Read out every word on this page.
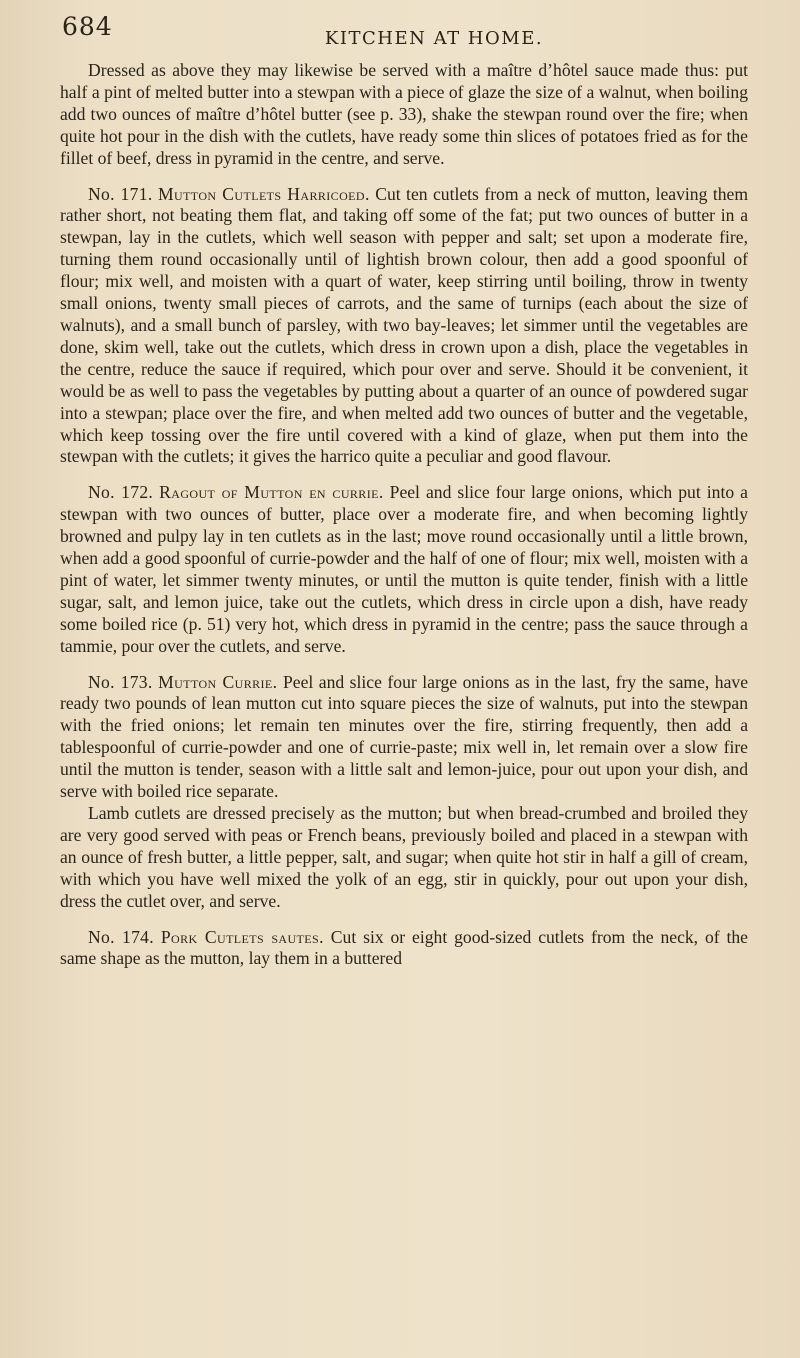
684	KITCHEN AT HOME.

Dressed as above they may likewise be served with a maître d’hôtel sauce made thus: put half a pint of melted butter into a stewpan with a piece of glaze the size of a walnut, when boiling add two ounces of maître d’hôtel butter (see p. 33), shake the stewpan round over the fire; when quite hot pour in the dish with the cutlets, have ready some thin slices of potatoes fried as for the fillet of beef, dress in pyramid in the centre, and serve.

No. 171. Mutton Cutlets Harricoed. Cut ten cutlets from a neck of mutton, leaving them rather short, not beating them flat, and taking off some of the fat; put two ounces of butter in a stewpan, lay in the cutlets, which well season with pepper and salt; set upon a moderate fire, turning them round occasionally until of lightish brown colour, then add a good spoonful of flour; mix well, and moisten with a quart of water, keep stirring until boiling, throw in twenty small onions, twenty small pieces of carrots, and the same of turnips (each about the size of walnuts), and a small bunch of parsley, with two bay-leaves; let simmer until the vegetables are done, skim well, take out the cutlets, which dress in crown upon a dish, place the vegetables in the centre, reduce the sauce if required, which pour over and serve. Should it be convenient, it would be as well to pass the vegetables by putting about a quarter of an ounce of powdered sugar into a stewpan; place over the fire, and when melted add two ounces of butter and the vegetable, which keep tossing over the fire until covered with a kind of glaze, when put them into the stewpan with the cutlets; it gives the harrico quite a peculiar and good flavour.

No. 172. Ragout of Mutton en currie. Peel and slice four large onions, which put into a stewpan with two ounces of butter, place over a moderate fire, and when becoming lightly browned and pulpy lay in ten cutlets as in the last; move round occasionally until a little brown, when add a good spoonful of currie-powder and the half of one of flour; mix well, moisten with a pint of water, let simmer twenty minutes, or until the mutton is quite tender, finish with a little sugar, salt, and lemon juice, take out the cutlets, which dress in circle upon a dish, have ready some boiled rice (p. 51) very hot, which dress in pyramid in the centre; pass the sauce through a tammie, pour over the cutlets, and serve.

No. 173. Mutton Currie. Peel and slice four large onions as in the last, fry the same, have ready two pounds of lean mutton cut into square pieces the size of walnuts, put into the stewpan with the fried onions; let remain ten minutes over the fire, stirring frequently, then add a tablespoonful of currie-powder and one of currie-paste; mix well in, let remain over a slow fire until the mutton is tender, season with a little salt and lemon-juice, pour out upon your dish, and serve with boiled rice separate.

Lamb cutlets are dressed precisely as the mutton; but when bread-crumbed and broiled they are very good served with peas or French beans, previously boiled and placed in a stewpan with an ounce of fresh butter, a little pepper, salt, and sugar; when quite hot stir in half a gill of cream, with which you have well mixed the yolk of an egg, stir in quickly, pour out upon your dish, dress the cutlet over, and serve.

No. 174. Pork Cutlets sautes. Cut six or eight good-sized cutlets from the neck, of the same shape as the mutton, lay them in a buttered
